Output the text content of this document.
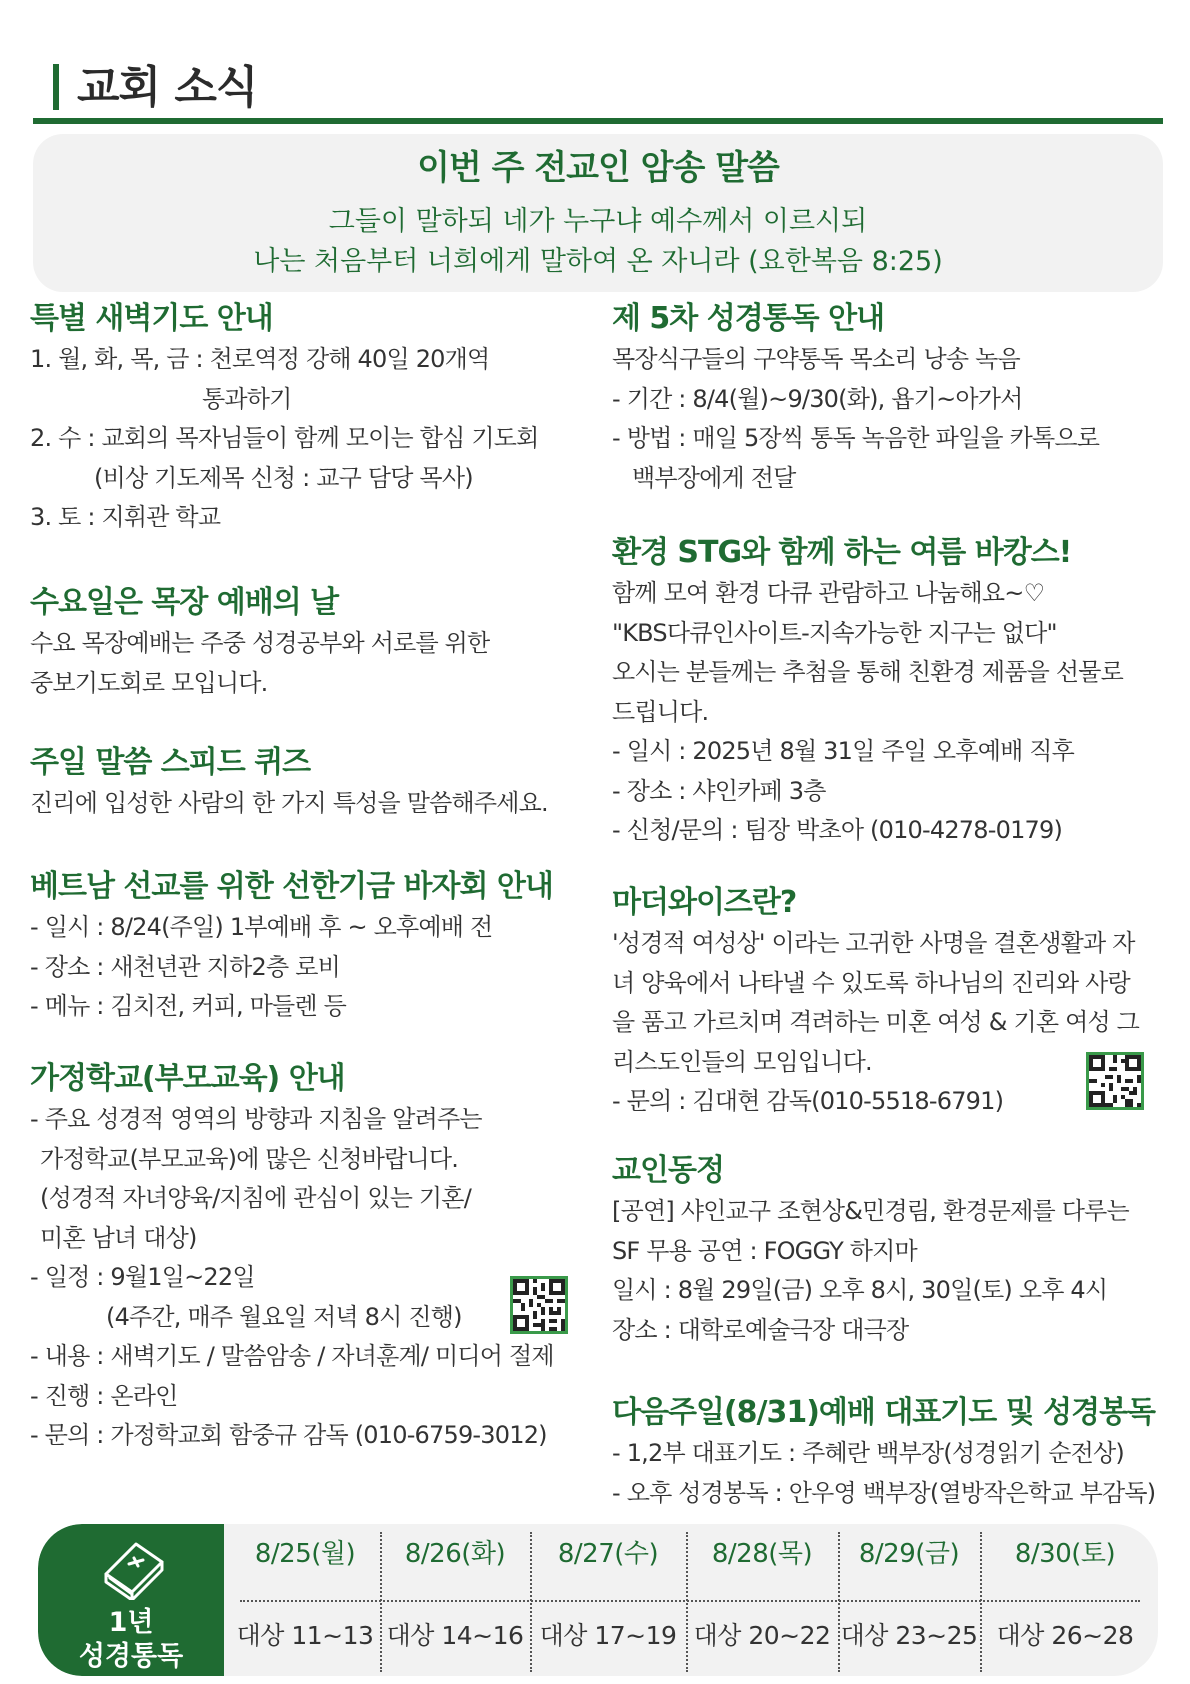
교회 소식
이번 주 전교인 암송 말씀
그들이 말하되 네가 누구냐 예수께서 이르시되
나는 처음부터 너희에게 말하여 온 자니라 (요한복음 8:25)
특별 새벽기도 안내
1. 월, 화, 목, 금 : 천로역정 강해 40일 20개역
통과하기
2. 수 : 교회의 목자님들이 함께 모이는 합심 기도회
(비상 기도제목 신청 : 교구 담당 목사)
3. 토 : 지휘관 학교
수요일은 목장 예배의 날
수요 목장예배는 주중 성경공부와 서로를 위한
중보기도회로 모입니다.
주일 말씀 스피드 퀴즈
진리에 입성한 사람의 한 가지 특성을 말씀해주세요.
베트남 선교를 위한 선한기금 바자회 안내
- 일시 : 8/24(주일) 1부예배 후 ~ 오후예배 전
- 장소 : 새천년관 지하2층 로비
- 메뉴 : 김치전, 커피, 마들렌 등
가정학교(부모교육) 안내
- 주요 성경적 영역의 방향과 지침을 알려주는
가정학교(부모교육)에 많은 신청바랍니다.
(성경적 자녀양육/지침에 관심이 있는 기혼/
미혼 남녀 대상)
- 일정 : 9월1일~22일
(4주간, 매주 월요일 저녁 8시 진행)
- 내용 : 새벽기도 / 말씀암송 / 자녀훈계/ 미디어 절제
- 진행 : 온라인
- 문의 : 가정학교회 함중규 감독 (010-6759-3012)
제 5차 성경통독 안내
목장식구들의 구약통독 목소리 낭송 녹음
- 기간 : 8/4(월)~9/30(화), 욥기~아가서
- 방법 : 매일 5장씩 통독 녹음한 파일을 카톡으로
백부장에게 전달
환경 STG와 함께 하는 여름 바캉스!
함께 모여 환경 다큐 관람하고 나눔해요~♡
"KBS다큐인사이트-지속가능한 지구는 없다"
오시는 분들께는 추첨을 통해 친환경 제품을 선물로
드립니다.
- 일시 : 2025년 8월 31일 주일 오후예배 직후
- 장소 : 샤인카페 3층
- 신청/문의 : 팀장 박초아 (010-4278-0179)
마더와이즈란?
'성경적 여성상' 이라는 고귀한 사명을 결혼생활과 자
녀 양육에서 나타낼 수 있도록 하나님의 진리와 사랑
을 품고 가르치며 격려하는 미혼 여성 & 기혼 여성 그
리스도인들의 모임입니다.
- 문의 : 김대현 감독(010-5518-6791)
교인동정
[공연] 샤인교구 조현상&민경림, 환경문제를 다루는
SF 무용 공연 : FOGGY 하지마
일시 : 8월 29일(금) 오후 8시, 30일(토) 오후 4시
장소 : 대학로예술극장 대극장
다음주일(8/31)예배 대표기도 및 성경봉독
- 1,2부 대표기도 : 주혜란 백부장(성경읽기 순전상)
- 오후 성경봉독 : 안우영 백부장(열방작은학교 부감독)
1년
성경통독
8/25(월)
대상 11~13
8/26(화)
대상 14~16
8/27(수)
대상 17~19
8/28(목)
대상 20~22
8/29(금)
대상 23~25
8/30(토)
대상 26~28
